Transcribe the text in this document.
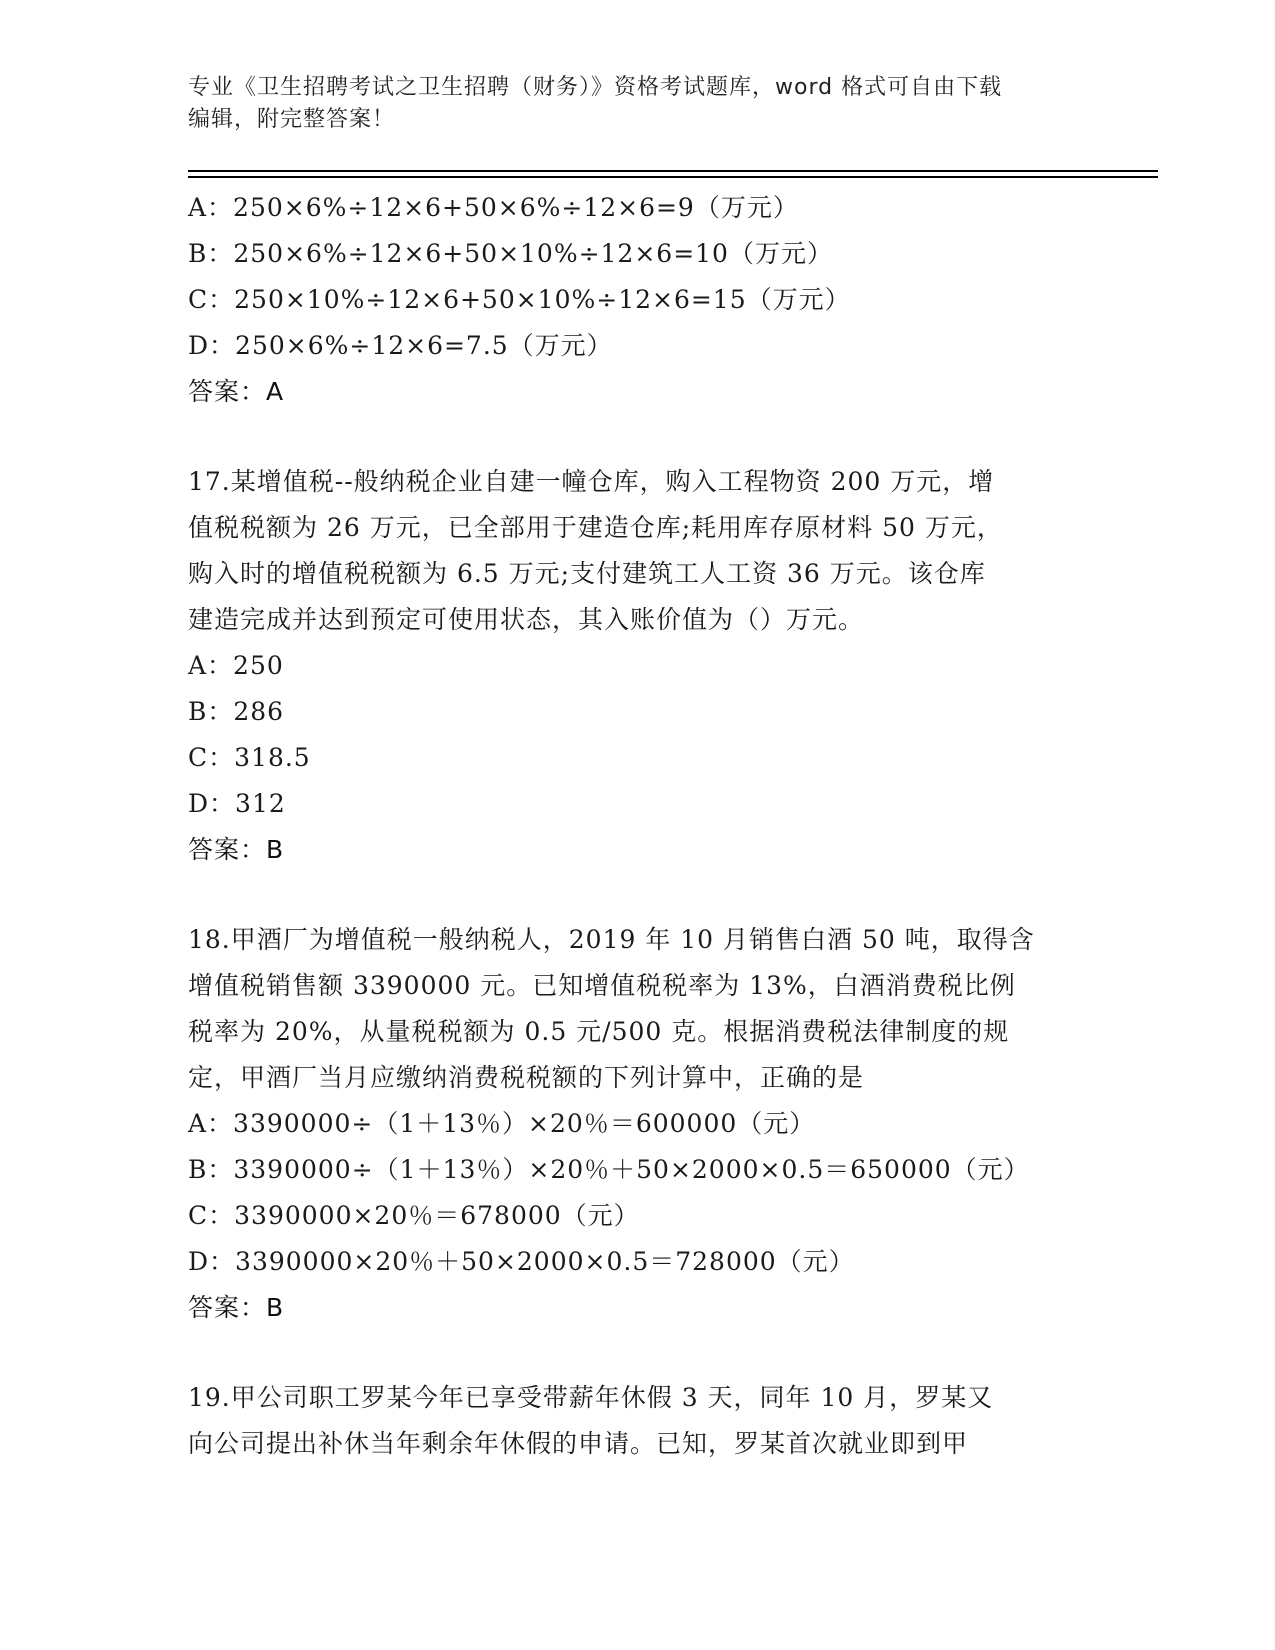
专业《卫生招聘考试之卫生招聘（财务）》资格考试题库，word 格式可自由下载
编辑，附完整答案！
A：250×6%÷12×6+50×6%÷12×6=9（万元）
B：250×6%÷12×6+50×10%÷12×6=10（万元）
C：250×10%÷12×6+50×10%÷12×6=15（万元）
D：250×6%÷12×6=7.5（万元）
答案：A
17.某增值税--般纳税企业自建一幢仓库，购入工程物资 200 万元，增
值税税额为 26 万元，已全部用于建造仓库;耗用库存原材料 50 万元，
购入时的增值税税额为 6.5 万元;支付建筑工人工资 36 万元。该仓库
建造完成并达到预定可使用状态，其入账价值为（）万元。
A：250
B：286
C：318.5
D：312
答案：B
18.甲酒厂为增值税一般纳税人，2019 年 10 月销售白酒 50 吨，取得含
增值税销售额 3390000 元。已知增值税税率为 13%，白酒消费税比例
税率为 20%，从量税税额为 0.5 元/500 克。根据消费税法律制度的规
定，甲酒厂当月应缴纳消费税税额的下列计算中，正确的是
A：3390000÷（1＋13％）×20％＝600000（元）
B：3390000÷（1＋13％）×20％＋50×2000×0.5＝650000（元）
C：3390000×20％＝678000（元）
D：3390000×20％＋50×2000×0.5＝728000（元）
答案：B
19.甲公司职工罗某今年已享受带薪年休假 3 天，同年 10 月，罗某又
向公司提出补休当年剩余年休假的申请。已知，罗某首次就业即到甲
